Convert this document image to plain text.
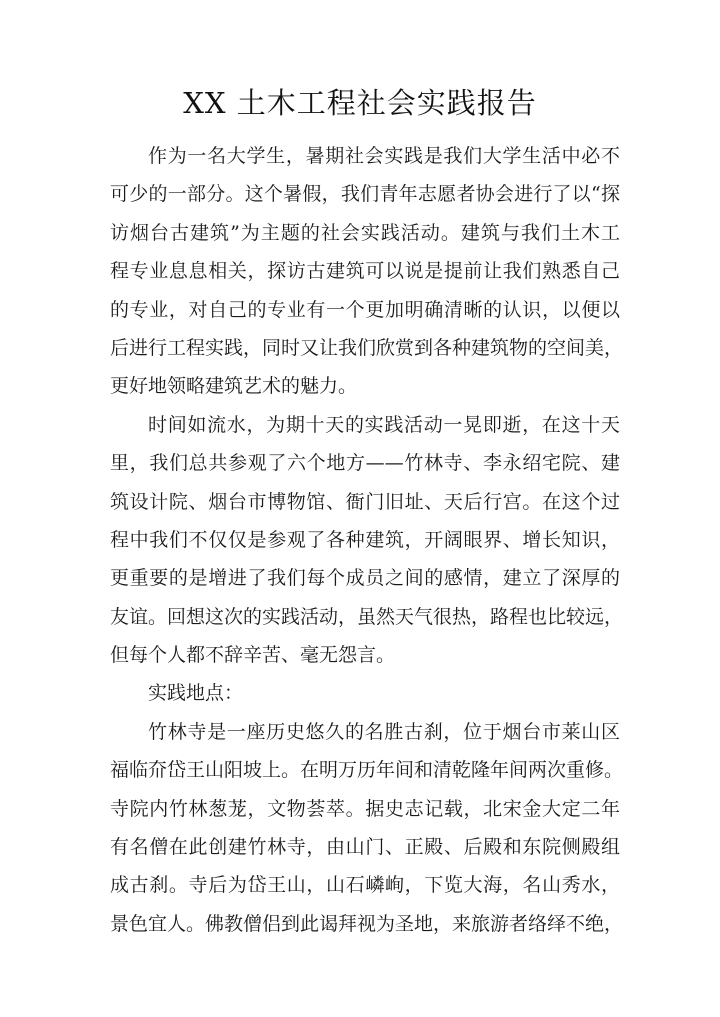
XX 土木工程社会实践报告
作为一名大学生，暑期社会实践是我们大学生活中必不
可少的一部分。这个暑假，我们青年志愿者协会进行了以“探
访烟台古建筑”为主题的社会实践活动。建筑与我们土木工
程专业息息相关，探访古建筑可以说是提前让我们熟悉自己
的专业，对自己的专业有一个更加明确清晰的认识，以便以
后进行工程实践，同时又让我们欣赏到各种建筑物的空间美，
更好地领略建筑艺术的魅力。
时间如流水，为期十天的实践活动一晃即逝，在这十天
里，我们总共参观了六个地方——竹林寺、李永绍宅院、建
筑设计院、烟台市博物馆、衙门旧址、天后行宫。在这个过
程中我们不仅仅是参观了各种建筑，开阔眼界、增长知识，
更重要的是增进了我们每个成员之间的感情，建立了深厚的
友谊。回想这次的实践活动，虽然天气很热，路程也比较远，
但每个人都不辞辛苦、毫无怨言。
实践地点：
竹林寺是一座历史悠久的名胜古刹，位于烟台市莱山区
福临夼岱王山阳坡上。在明万历年间和清乾隆年间两次重修。
寺院内竹林葱茏，文物荟萃。据史志记载，北宋金大定二年
有名僧在此创建竹林寺，由山门、正殿、后殿和东院侧殿组
成古刹。寺后为岱王山，山石嶙峋，下览大海，名山秀水，
景色宜人。佛教僧侣到此谒拜视为圣地，来旅游者络绎不绝，
